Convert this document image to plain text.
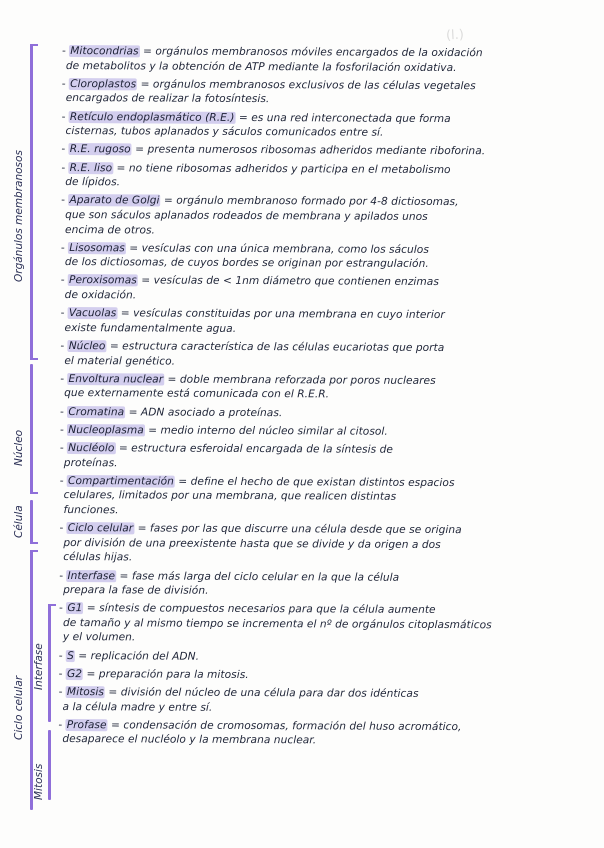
(l.)
Orgánulos membranosos
Núcleo
Célula
Ciclo celular
Interfase
Mitosis
- Mitocondrias = orgánulos membranosos móviles encargados de la oxidación
de metabolitos y la obtención de ATP mediante la fosforilación oxidativa.
- Cloroplastos = orgánulos membranosos exclusivos de las células vegetales
encargados de realizar la fotosíntesis.
- Retículo endoplasmático (R.E.) = es una red interconectada que forma
cisternas, tubos aplanados y sáculos comunicados entre sí.
- R.E. rugoso = presenta numerosos ribosomas adheridos mediante riboforina.
- R.E. liso = no tiene ribosomas adheridos y participa en el metabolismo
de lípidos.
- Aparato de Golgi = orgánulo membranoso formado por 4-8 dictiosomas,
que son sáculos aplanados rodeados de membrana y apilados unos
encima de otros.
- Lisosomas = vesículas con una única membrana, como los sáculos
de los dictiosomas, de cuyos bordes se originan por estrangulación.
- Peroxisomas = vesículas de < 1nm diámetro que contienen enzimas
de oxidación.
- Vacuolas = vesículas constituidas por una membrana en cuyo interior
existe fundamentalmente agua.
- Núcleo = estructura característica de las células eucariotas que porta
el material genético.
- Envoltura nuclear = doble membrana reforzada por poros nucleares
que externamente está comunicada con el R.E.R.
- Cromatina = ADN asociado a proteínas.
- Nucleoplasma = medio interno del núcleo similar al citosol.
- Nucléolo = estructura esferoidal encargada de la síntesis de
proteínas.
- Compartimentación = define el hecho de que existan distintos espacios
celulares, limitados por una membrana, que realicen distintas
funciones.
- Ciclo celular = fases por las que discurre una célula desde que se origina
por división de una preexistente hasta que se divide y da origen a dos
células hijas.
- Interfase = fase más larga del ciclo celular en la que la célula
prepara la fase de división.
- G1 = síntesis de compuestos necesarios para que la célula aumente
de tamaño y al mismo tiempo se incrementa el nº de orgánulos citoplasmáticos
y el volumen.
- S = replicación del ADN.
- G2 = preparación para la mitosis.
- Mitosis = división del núcleo de una célula para dar dos idénticas
a la célula madre y entre sí.
- Profase = condensación de cromosomas, formación del huso acromático,
desaparece el nucléolo y la membrana nuclear.
